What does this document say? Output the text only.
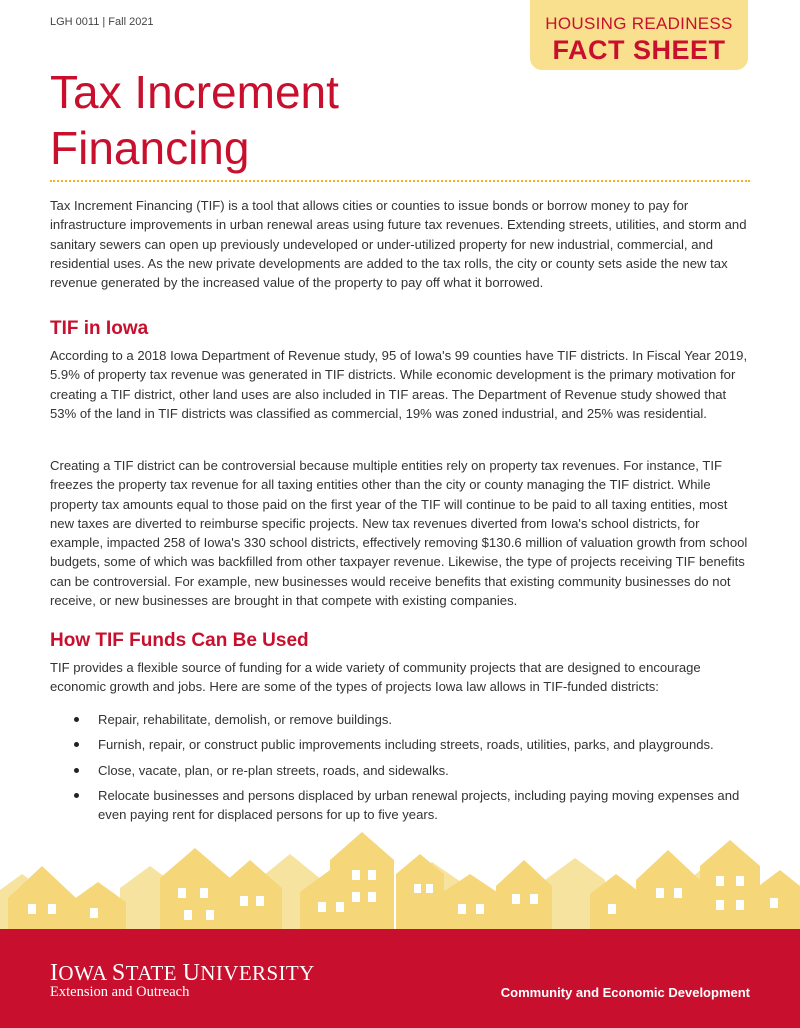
LGH 0011 | Fall 2021	HOUSING READINESS
FACT SHEET
Tax Increment
Financing

Tax Increment Financing (TIF) is a tool that allows cities or counties to issue bonds or borrow money to pay for infrastructure improvements in urban renewal areas using future tax revenues. Extending streets, utilities, and storm and sanitary sewers can open up previously undeveloped or under-utilized property for new industrial, commercial, and residential uses. As the new private developments are added to the tax rolls, the city or county sets aside the new tax revenue generated by the increased value of the property to pay off what it borrowed.

TIF in Iowa

According to a 2018 Iowa Department of Revenue study, 95 of Iowa's 99 counties have TIF districts. In Fiscal Year 2019, 5.9% of property tax revenue was generated in TIF districts. While economic development is the primary motivation for creating a TIF district, other land uses are also included in TIF areas. The Department of Revenue study showed that 53% of the land in TIF districts was classified as commercial, 19% was zoned industrial, and 25% was residential.

Creating a TIF district can be controversial because multiple entities rely on property tax revenues. For instance, TIF freezes the property tax revenue for all taxing entities other than the city or county managing the TIF district. While property tax amounts equal to those paid on the first year of the TIF will continue to be paid to all taxing entities, most new taxes are diverted to reimburse specific projects. New tax revenues diverted from Iowa's school districts, for example, impacted 258 of Iowa's 330 school districts, effectively removing $130.6 million of valuation growth from school budgets, some of which was backfilled from other taxpayer revenue. Likewise, the type of projects receiving TIF benefits can be controversial. For example, new businesses would receive benefits that existing community businesses do not receive, or new businesses are brought in that compete with existing companies.

How TIF Funds Can Be Used

TIF provides a flexible source of funding for a wide variety of community projects that are designed to encourage economic growth and jobs. Here are some of the types of projects Iowa law allows in TIF-funded districts:

Repair, rehabilitate, demolish, or remove buildings.
Furnish, repair, or construct public improvements including streets, roads, utilities, parks, and playgrounds.
Close, vacate, plan, or re-plan streets, roads, and sidewalks.
Relocate businesses and persons displaced by urban renewal projects, including paying moving expenses and even paying rent for displaced persons for up to five years.
IOWA STATE UNIVERSITY
Extension and Outreach	Community and Economic Development
